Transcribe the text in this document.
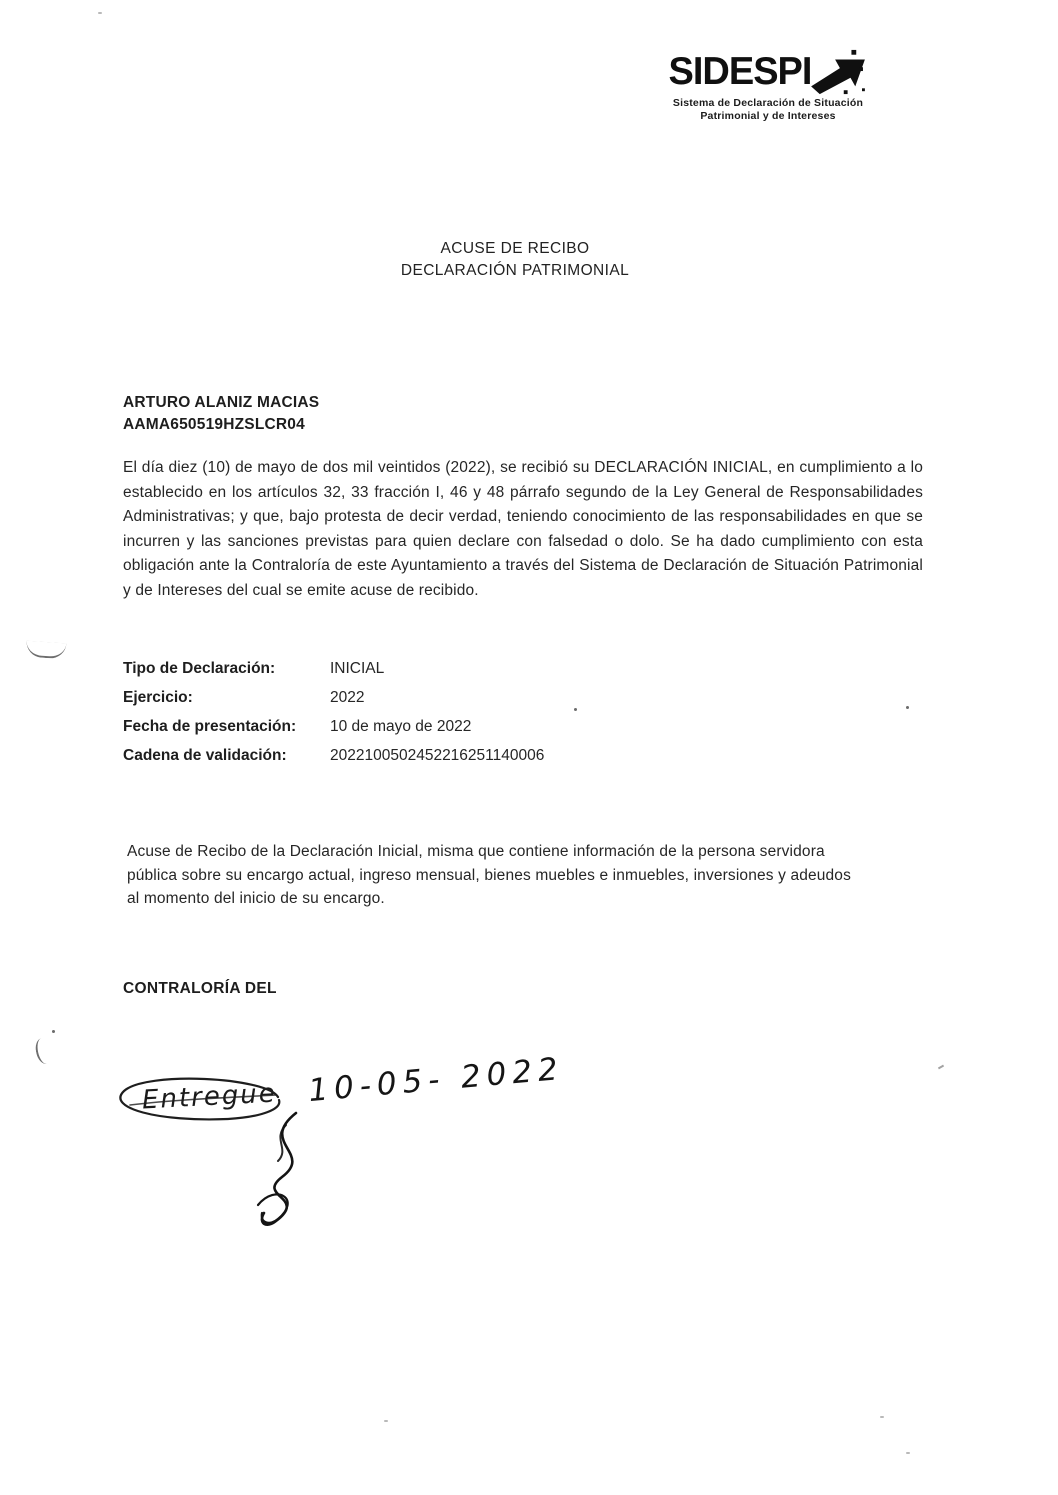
SIDESPI
Sistema de Declaración de Situación
Patrimonial y de Intereses
ACUSE DE RECIBO
DECLARACIÓN PATRIMONIAL
ARTURO ALANIZ MACIAS
AAMA650519HZSLCR04
El día diez (10) de mayo de dos mil veintidos (2022), se recibió su DECLARACIÓN INICIAL, en cumplimiento a lo establecido en los artículos 32, 33 fracción I, 46 y 48 párrafo segundo de la Ley General de Responsabilidades Administrativas; y que, bajo protesta de decir verdad, teniendo conocimiento de las responsabilidades en que se incurren y las sanciones previstas para quien declare con falsedad o dolo. Se ha dado cumplimiento con esta obligación ante la Contraloría de este Ayuntamiento a través del Sistema de Declaración de Situación Patrimonial y de Intereses del cual se emite acuse de recibido.
Tipo de Declaración:	INICIAL
Ejercicio:	2022
Fecha de presentación:	10 de mayo de 2022
Cadena de validación:	2022100502452216251140006
Acuse de Recibo de la Declaración Inicial, misma que contiene información de la persona servidora pública sobre su encargo actual, ingreso mensual, bienes muebles e inmuebles, inversiones y adeudos al momento del inicio de su encargo.
CONTRALORÍA DEL
Entregue 10-05- 2022
